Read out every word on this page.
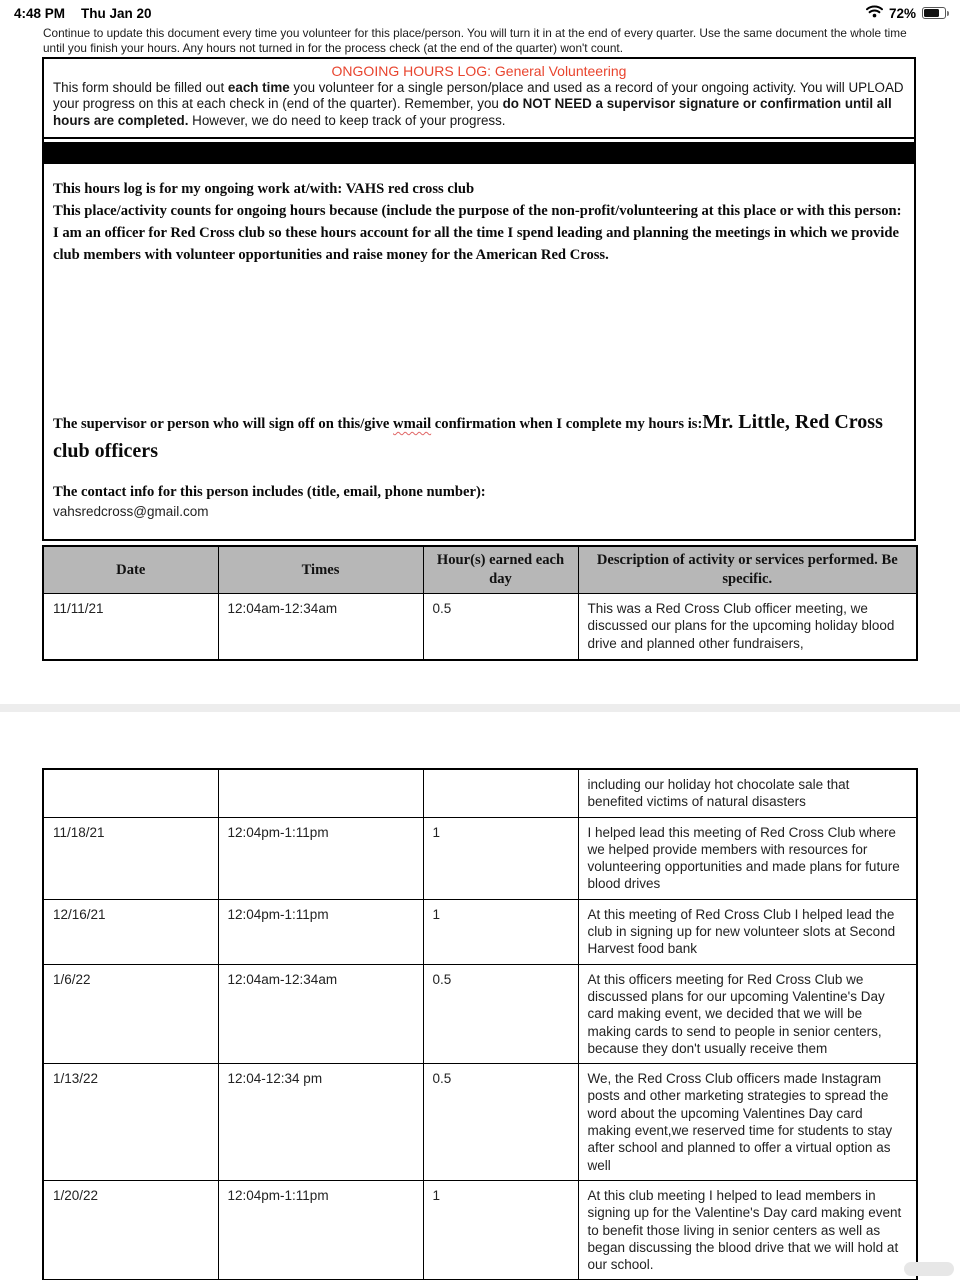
4:48 PM Thu Jan 20	72%
Continue to update this document every time you volunteer for this place/person. You will turn it in at the end of every quarter. Use the same document the whole time until you finish your hours. Any hours not turned in for the process check (at the end of the quarter) won't count.
ONGOING HOURS LOG: General Volunteering

This form should be filled out each time you volunteer for a single person/place and used as a record of your ongoing activity. You will UPLOAD your progress on this at each check in (end of the quarter). Remember, you do NOT NEED a supervisor signature or confirmation until all hours are completed. However, we do need to keep track of your progress.

This hours log is for my ongoing work at/with: VAHS red cross club

This place/activity counts for ongoing hours because (include the purpose of the non-profit/volunteering at this place or with this person: I am an officer for Red Cross club so these hours account for all the time I spend leading and planning the meetings in which we provide club members with volunteer opportunities and raise money for the American Red Cross.

The supervisor or person who will sign off on this/give wmail confirmation when I complete my hours is:Mr. Little, Red Cross club officers

The contact info for this person includes (title, email, phone number):

vahsredcross@gmail.com

Date	Times	Hour(s) earned each day	Description of activity or services performed. Be specific.
11/11/21	12:04am-12:34am	0.5	This was a Red Cross Club officer meeting, we discussed our plans for the upcoming holiday blood drive and planned other fundraisers,
			including our holiday hot chocolate sale that benefited victims of natural disasters
11/18/21	12:04pm-1:11pm	1	I helped lead this meeting of Red Cross Club where we helped provide members with resources for volunteering opportunities and made plans for future blood drives
12/16/21	12:04pm-1:11pm	1	At this meeting of Red Cross Club I helped lead the club in signing up for new volunteer slots at Second Harvest food bank
1/6/22	12:04am-12:34am	0.5	At this officers meeting for Red Cross Club we discussed plans for our upcoming Valentine's Day card making event, we decided that we will be making cards to send to people in senior centers, because they don't usually receive them
1/13/22	12:04-12:34 pm	0.5	We, the Red Cross Club officers made Instagram posts and other marketing strategies to spread the word about the upcoming Valentines Day card making event,we reserved time for students to stay after school and planned to offer a virtual option as well
1/20/22	12:04pm-1:11pm	1	At this club meeting I helped to lead members in signing up for the Valentine's Day card making event to benefit those living in senior centers as well as began discussing the blood drive that we will hold at our school.
